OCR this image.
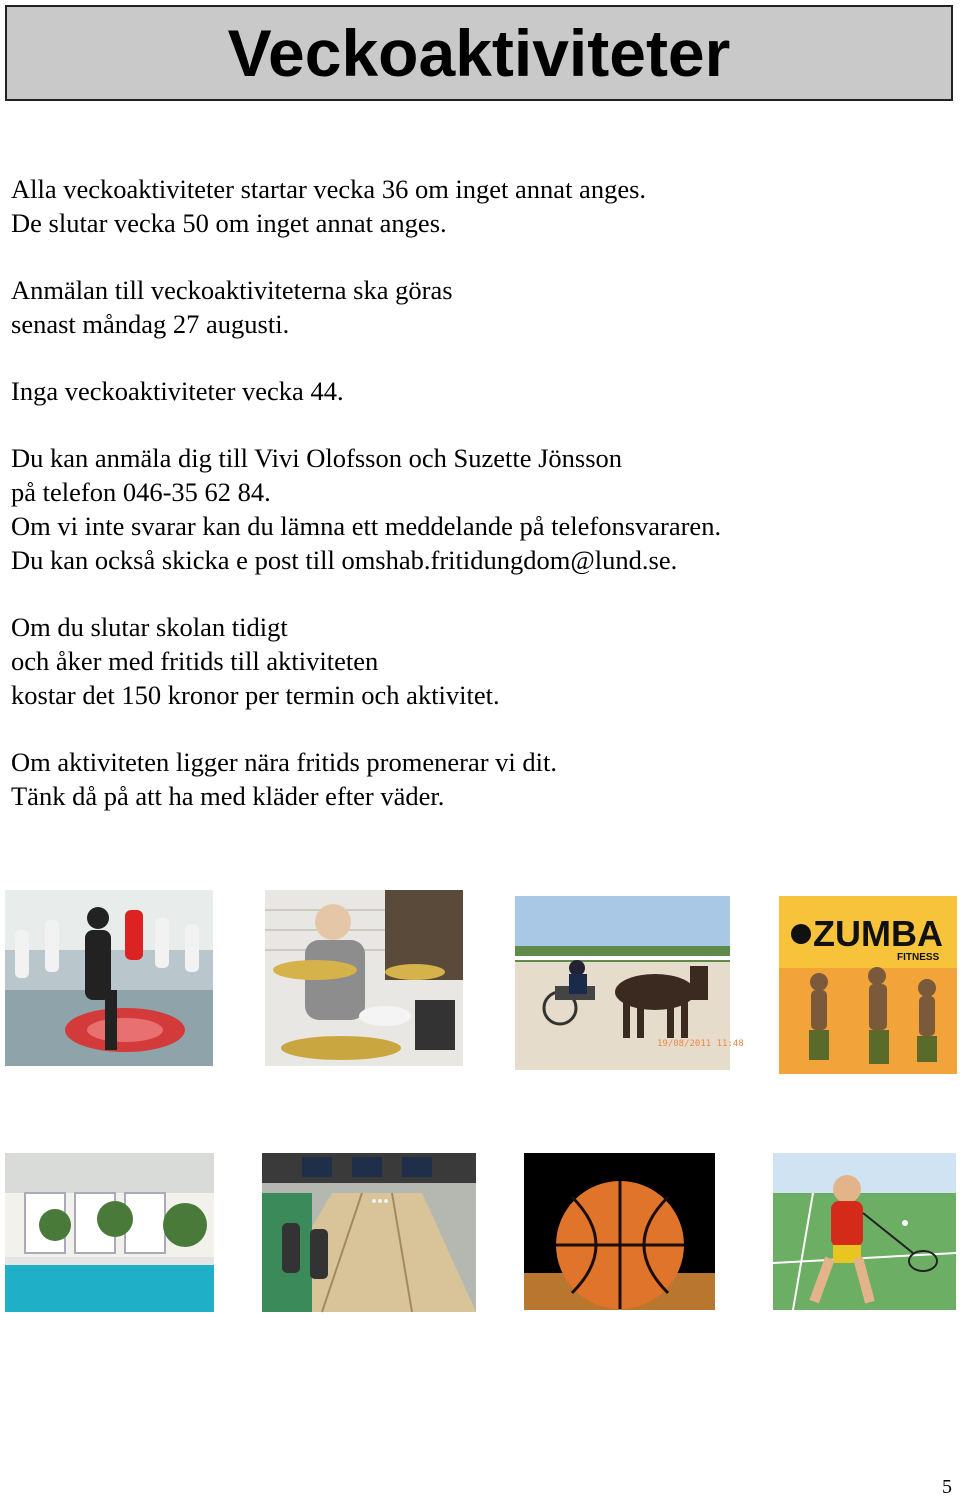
Veckoaktiviteter

Alla veckoaktiviteter startar vecka 36 om inget annat anges.
De slutar vecka 50 om inget annat anges.

Anmälan till veckoaktiviteterna ska göras
senast måndag 27 augusti.

Inga veckoaktiviteter vecka 44.

Du kan anmäla dig till Vivi Olofsson och Suzette Jönsson
på telefon 046-35 62 84.
Om vi inte svarar kan du lämna ett meddelande på telefonsvararen.
Du kan också skicka e post till omshab.fritidungdom@lund.se.

Om du slutar skolan tidigt
och åker med fritids till aktiviteten
kostar det 150 kronor per termin och aktivitet.

Om aktiviteten ligger nära fritids promenerar vi dit.
Tänk då på att ha med kläder efter väder.

19/08/2011 11:48
ZUMBA
FITNESS
5
